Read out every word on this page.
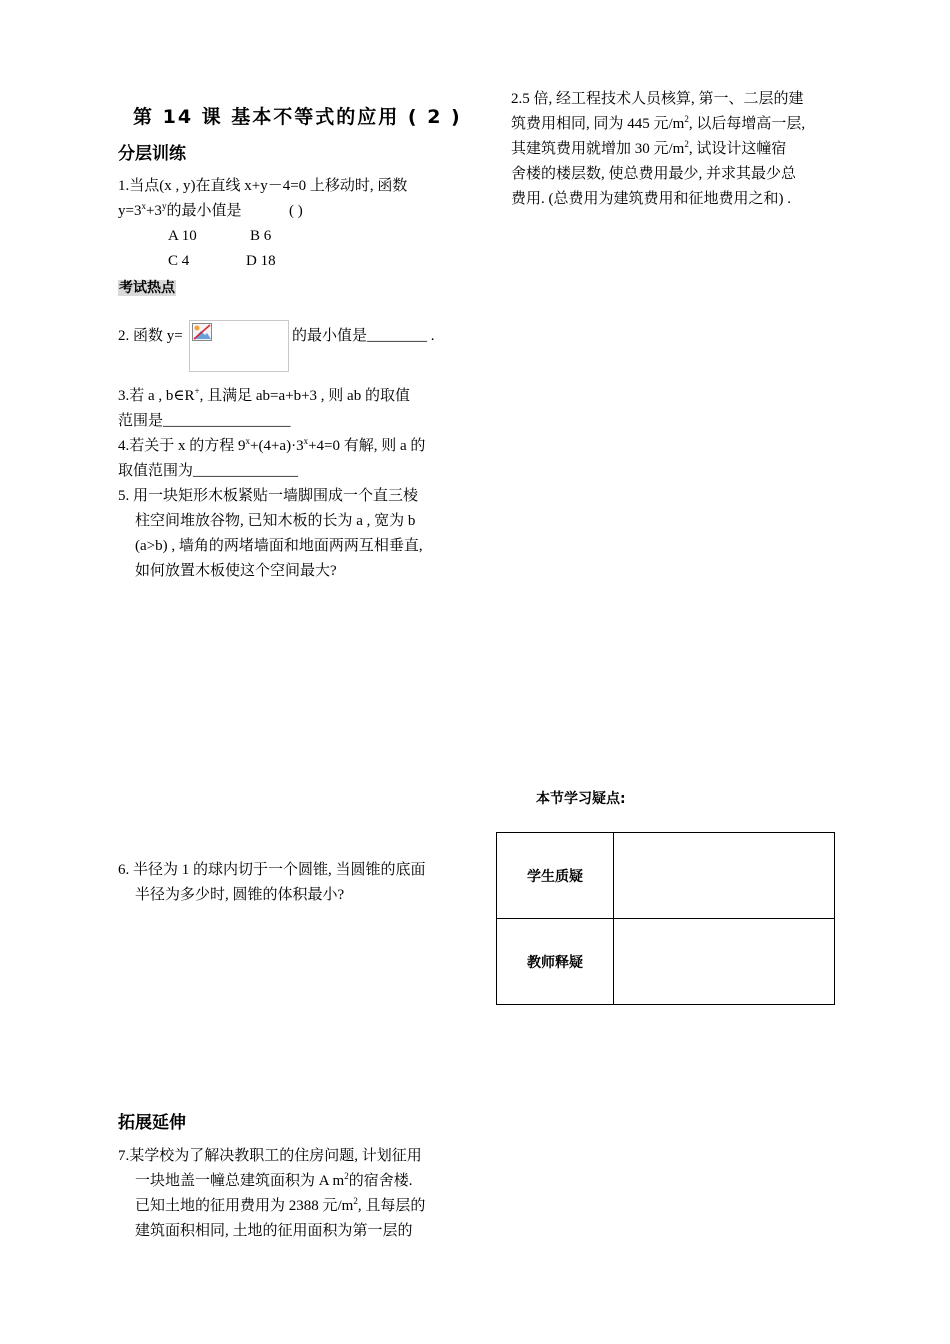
第 14 课 基本不等式的应用 ( 2 )
分层训练
1.当点(x , y)在直线 x+y－4=0 上移动时, 函数
$y=3^x+3^y$的最小值是	( )
A 10	B 6
C 4	D 18
考试热点
2. 函数 y=	的最小值是________ .
3.若 a , b∈R+, 且满足 ab=a+b+3 , 则 ab 的取值
范围是_________________
4.若关于 x 的方程 $9^x+(4+a)\cdot 3^x+4=0$ 有解, 则 a 的
取值范围为______________
5. 用一块矩形木板紧贴一墙脚围成一个直三棱
柱空间堆放谷物, 已知木板的长为 a , 宽为 b
(a>b) , 墙角的两堵墙面和地面两两互相垂直,
如何放置木板使这个空间最大?
6. 半径为 1 的球内切于一个圆锥, 当圆锥的底面
半径为多少时, 圆锥的体积最小?
拓展延伸
7.某学校为了解决教职工的住房问题, 计划征用
一块地盖一幢总建筑面积为 A $m^2$的宿舍楼.
已知土地的征用费用为 2388 元$/m^2$, 且每层的
建筑面积相同, 土地的征用面积为第一层的
2.5 倍, 经工程技术人员核算, 第一、二层的建
筑费用相同, 同为 445 元$/m^2$, 以后每增高一层,
其建筑费用就增加 30 元$/m^2$, 试设计这幢宿
舍楼的楼层数, 使总费用最少, 并求其最少总
费用. (总费用为建筑费用和征地费用之和) .
本节学习疑点:
学生质疑	
教师释疑	
